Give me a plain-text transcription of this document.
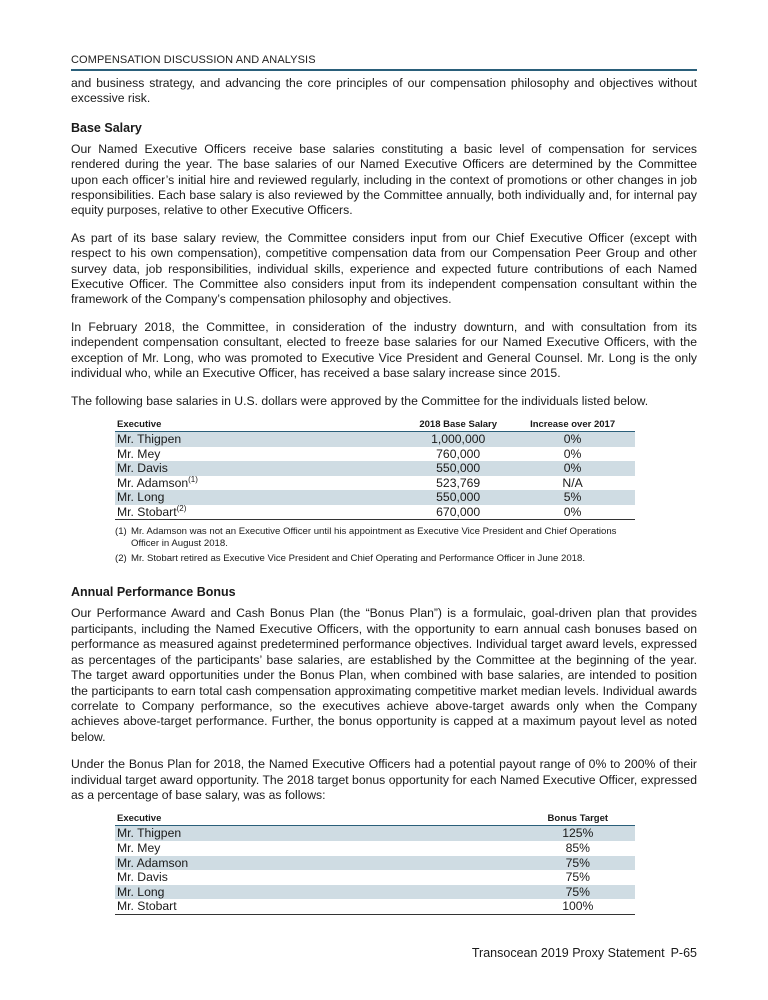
COMPENSATION DISCUSSION AND ANALYSIS

and business strategy, and advancing the core principles of our compensation philosophy and objectives without excessive risk.

Base Salary

Our Named Executive Officers receive base salaries constituting a basic level of compensation for services rendered during the year. The base salaries of our Named Executive Officers are determined by the Committee upon each officer’s initial hire and reviewed regularly, including in the context of promotions or other changes in job responsibilities. Each base salary is also reviewed by the Committee annually, both individually and, for internal pay equity purposes, relative to other Executive Officers.

As part of its base salary review, the Committee considers input from our Chief Executive Officer (except with respect to his own compensation), competitive compensation data from our Compensation Peer Group and other survey data, job responsibilities, individual skills, experience and expected future contributions of each Named Executive Officer. The Committee also considers input from its independent compensation consultant within the framework of the Company’s compensation philosophy and objectives.

In February 2018, the Committee, in consideration of the industry downturn, and with consultation from its independent compensation consultant, elected to freeze base salaries for our Named Executive Officers, with the exception of Mr. Long, who was promoted to Executive Vice President and General Counsel. Mr. Long is the only individual who, while an Executive Officer, has received a base salary increase since 2015.

The following base salaries in U.S. dollars were approved by the Committee for the individuals listed below.

Executive	2018 Base Salary	Increase over 2017
Mr. Thigpen	1,000,000	0%
Mr. Mey	760,000	0%
Mr. Davis	550,000	0%
Mr. Adamson$^{(1)}$	523,769	N/A
Mr. Long	550,000	5%
Mr. Stobart$^{(2)}$	670,000	0%
(1) Mr. Adamson was not an Executive Officer until his appointment as Executive Vice President and Chief Operations Officer in August 2018.
(2) Mr. Stobart retired as Executive Vice President and Chief Operating and Performance Officer in June 2018.
Annual Performance Bonus

Our Performance Award and Cash Bonus Plan (the “Bonus Plan”) is a formulaic, goal-driven plan that provides participants, including the Named Executive Officers, with the opportunity to earn annual cash bonuses based on performance as measured against predetermined performance objectives. Individual target award levels, expressed as percentages of the participants’ base salaries, are established by the Committee at the beginning of the year. The target award opportunities under the Bonus Plan, when combined with base salaries, are intended to position the participants to earn total cash compensation approximating competitive market median levels. Individual awards correlate to Company performance, so the executives achieve above-target awards only when the Company achieves above-target performance. Further, the bonus opportunity is capped at a maximum payout level as noted below.

Under the Bonus Plan for 2018, the Named Executive Officers had a potential payout range of 0% to 200% of their individual target award opportunity. The 2018 target bonus opportunity for each Named Executive Officer, expressed as a percentage of base salary, was as follows:

Executive	Bonus Target
Mr. Thigpen	125%
Mr. Mey	85%
Mr. Adamson	75%
Mr. Davis	75%
Mr. Long	75%
Mr. Stobart	100%
Transocean 2019 Proxy Statement P-65
